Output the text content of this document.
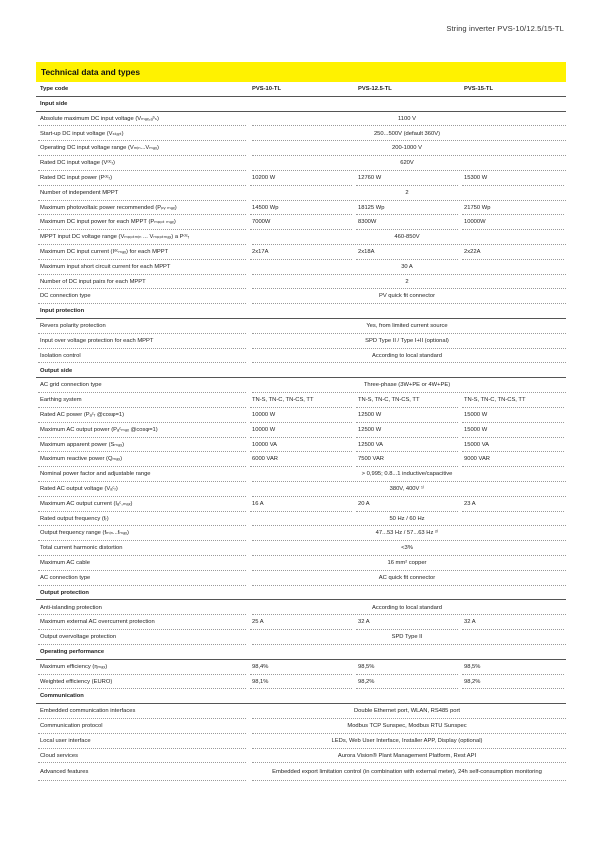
String inverter PVS-10/12.5/15-TL
Technical data and types
Type code	PVS-10-TL	PVS-12.5-TL	PVS-15-TL
Input side			
Absolute maximum DC input voltage (Vₘₐₓ,ₐᵇₛ)	1100 V		
Start-up DC input voltage (Vₛₜₐᵣₜ)	250...500V (default 360V)		
Operating DC input voltage range (Vₘᵢₙ...Vₘₐₓ)	200-1000 V		
Rated DC input voltage (Vᵈᶜᵣ)	620V		
Rated DC input power (Pᵈᶜᵣ)	10200 W	12760 W	15300 W
Number of independent MPPT	2		
Maximum photovoltaic power recommended (Pₚᵥ ₘₐₓ)	14500 Wp	18125 Wp	21750 Wp
Maximum DC input power for each MPPT (Pₘₚₚₜ ₘₐₓ)	7000W	8300W	10000W
MPPT input DC voltage range (Vₘₚₚₜₘᵢₙ ... Vₘₚₚₜₘₐₓ) a Pᵈᶜᵣ	460-850V		
Maximum DC input current (Iᵈᶜₘₐₓ) for each MPPT	2x17A	2x18A	2x22A
Maximum input short circuit current for each MPPT	30 A		
Number of DC input pairs for each MPPT	2		
DC connection type	PV quick fit connector		
Input protection			
Revers polarity protection	Yes, from limited current source		
Input over voltage protection for each MPPT	SPD Type II / Type I+II (optional)		
Isolation control	According to local standard		
Output side			
AC grid connection type	Three-phase (3W+PE or 4W+PE)		
Earthing system	TN-S, TN-C, TN-CS, TT	TN-S, TN-C, TN-CS, TT	TN-S, TN-C, TN-CS, TT
Rated AC power (Pₐᶜᵣ @cosφ=1)	10000 W	12500 W	15000 W
Maximum AC output power (Pₐᶜₘₐₓ @cosφ=1)	10000 W	12500 W	15000 W
Maximum apparent power (Sₘₐₓ)	10000 VA	12500 VA	15000 VA
Maximum reactive power (Qₘₐₓ)	6000 VAR	7500 VAR	9000 VAR
Nominal power factor and adjustable range	> 0,995; 0.8...1 inductive/capacitive		
Rated AC output voltage (Vₐᶜᵣ)	380V, 400V ¹⁾		
Maximum AC output current (Iₐᶜ,ₘₐₓ)	16 A	20 A	23 A
Rated output frequency (fᵣ)	50 Hz / 60 Hz		
Output frequency range (fₘᵢₙ...fₘₐₓ)	47...53 Hz / 57...63 Hz ²⁾		
Total current harmonic distortion	<3%		
Maximum AC cable	16 mm² copper		
AC connection type	AC quick fit connector		
Output protection			
Anti-islanding protection	According to local standard		
Maximum external AC overcurrent protection	25 A	32 A	32 A
Output overvoltage protection	SPD Type II		
Operating performance			
Maximum efficiency (ηₘₐₓ)	98,4%	98,5%	98,5%
Weighted efficiency (EURO)	98,1%	98,2%	98,2%
Communication			
Embedded communication interfaces	Double Ethernet port, WLAN, RS485 port		
Communication protocol	Modbus TCP Sunspec, Modbus RTU Sunspec		
Local user interface	LEDs, Web User Interface, Installer APP, Display (optional)		
Cloud services	Aurora Vision® Plant Management Platform, Rest API		
Advanced features	Embedded export limitation control (in combination with external meter), 24h self-consumption monitoring		
